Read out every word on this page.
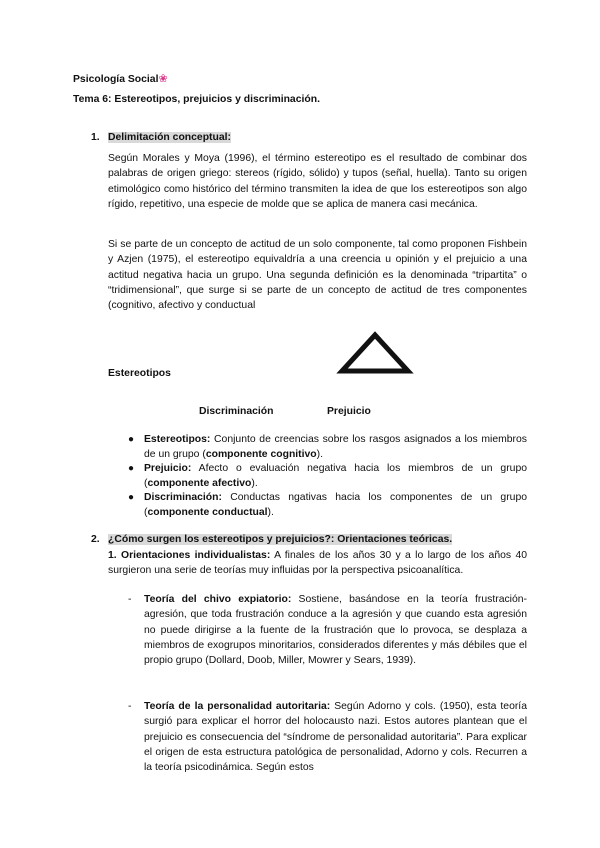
Psicología Social❀
Tema 6: Estereotipos, prejuicios y discriminación.
1. Delimitación conceptual:

Según Morales y Moya (1996), el término estereotipo es el resultado de combinar dos palabras de origen griego: stereos (rígido, sólido) y tupos (señal, huella). Tanto su origen etimológico como histórico del término transmiten la idea de que los estereotipos son algo rígido, repetitivo, una especie de molde que se aplica de manera casi mecánica.

Si se parte de un concepto de actitud de un solo componente, tal como proponen Fishbein y Azjen (1975), el estereotipo equivaldría a una creencia u opinión y el prejuicio a una actitud negativa hacia un grupo. Una segunda definición es la denominada “tripartita” o “tridimensional”, que surge si se parte de un concepto de actitud de tres componentes (cognitivo, afectivo y conductual

Estereotipos
Discriminación	Prejuicio
● Estereotipos: Conjunto de creencias sobre los rasgos asignados a los miembros de un grupo (componente cognitivo).

● Prejuicio: Afecto o evaluación negativa hacia los miembros de un grupo (componente afectivo).

● Discriminación: Conductas ngativas hacia los componentes de un grupo (componente conductual).

2. ¿Cómo surgen los estereotipos y prejuicios?: Orientaciones teóricas.

1. Orientaciones individualistas: A finales de los años 30 y a lo largo de los años 40 surgieron una serie de teorías muy influidas por la perspectiva psicoanalítica.

- Teoría del chivo expiatorio: Sostiene, basándose en la teoría frustración-agresión, que toda frustración conduce a la agresión y que cuando esta agresión no puede dirigirse a la fuente de la frustración que lo provoca, se desplaza a miembros de exogrupos minoritarios, considerados diferentes y más débiles que el propio grupo (Dollard, Doob, Miller, Mowrer y Sears, 1939).

- Teoría de la personalidad autoritaria: Según Adorno y cols. (1950), esta teoría surgió para explicar el horror del holocausto nazi. Estos autores plantean que el prejuicio es consecuencia del “síndrome de personalidad autoritaria”. Para explicar el origen de esta estructura patológica de personalidad, Adorno y cols. Recurren a la teoría psicodinámica. Según estos
